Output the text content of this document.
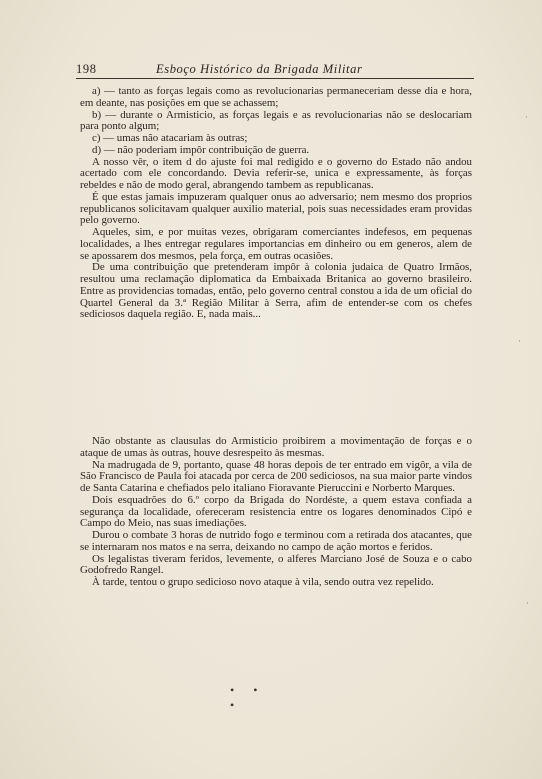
198	Esboço Histórico da Brigada Militar

a) — tanto as forças legais como as revolucionarias permaneceriam desse dia e hora, em deante, nas posições em que se achassem;

b) — durante o Armisticio, as forças legais e as revolucionarias não se deslocariam para ponto algum;

c) — umas não atacariam às outras;

d) — não poderiam impôr contribuição de guerra.

A nosso vêr, o item d do ajuste foi mal redigido e o governo do Estado não andou acertado com ele concordando. Devia referir-se, unica e expressamente, às forças rebeldes e não de modo geral, abrangendo tambem as republicanas.

É que estas jamais impuzeram qualquer onus ao adversario; nem mesmo dos proprios republicanos solicitavam qualquer auxilio material, pois suas necessidades eram providas pelo governo.

Aqueles, sim, e por muitas vezes, obrigaram comerciantes indefesos, em pequenas localidades, a lhes entregar regulares importancias em dinheiro ou em generos, alem de se apossarem dos mesmos, pela força, em outras ocasiões.

De uma contribuição que pretenderam impôr à colonia judaica de Quatro Irmãos, resultou uma reclamação diplomatica da Embaixada Britanica ao governo brasileiro. Entre as providencias tomadas, então, pelo governo central constou a ida de um oficial do Quartel General da 3.ª Região Militar à Serra, afim de entender-se com os chefes sediciosos daquela região. E, nada mais...

Não obstante as clausulas do Armisticio proibirem a movimentação de forças e o ataque de umas às outras, houve desrespeito às mesmas.

Na madrugada de 9, portanto, quase 48 horas depois de ter entrado em vigôr, a vila de São Francisco de Paula foi atacada por cerca de 200 sediciosos, na sua maior parte vindos de Santa Catarina e chefiados pelo italiano Fioravante Pieruccini e Norberto Marques.

Dois esquadrões do 6.º corpo da Brigada do Nordéste, a quem estava confiada a segurança da localidade, ofereceram resistencia entre os logares denominados Cipó e Campo do Meio, nas suas imediações.

Durou o combate 3 horas de nutrido fogo e terminou com a retirada dos atacantes, que se internaram nos matos e na serra, deixando no campo de ação mortos e feridos.

Os legalistas tiveram feridos, levemente, o alferes Marciano José de Souza e o cabo Godofredo Rangel.

À tarde, tentou o grupo sedicioso novo ataque à vila, sendo outra vez repelido.

• • •
·
·
·
